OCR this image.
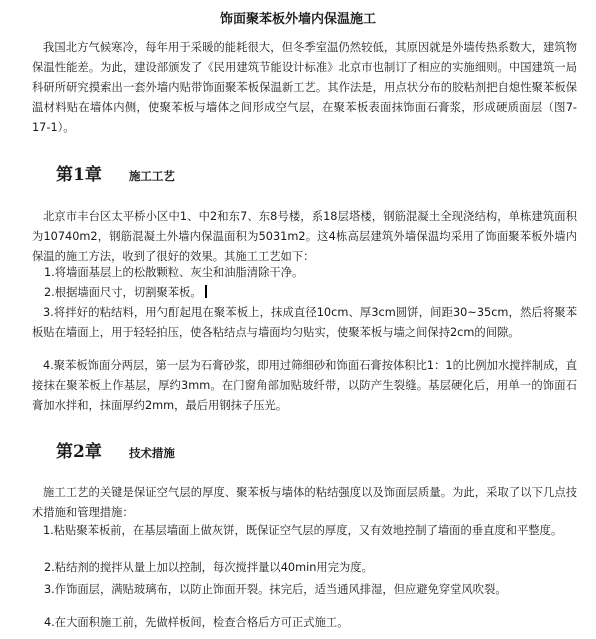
饰面聚苯板外墙内保温施工

我国北方气候寒冷，每年用于采暖的能耗很大，但冬季室温仍然较低，其原因就是外墙传热系数大，建筑物保温性能差。为此，建设部颁发了《民用建筑节能设计标准》北京市也制订了相应的实施细则。中国建筑一局科研所研究摸索出一套外墙内贴带饰面聚苯板保温新工艺。其作法是，用点状分布的胶粘剂把自熄性聚苯板保温材料贴在墙体内侧，使聚苯板与墙体之间形成空气层，在聚苯板表面抹饰面石膏浆，形成硬质面层（图7-17-1）。

第1章 施工工艺

北京市丰台区太平桥小区中1、中2和东7、东8号楼，系18层塔楼，钢筋混凝土全现浇结构，单栋建筑面积为10740m2，钢筋混凝土外墙内保温面积为5031m2。这4栋高层建筑外墙保温均采用了饰面聚苯板外墙内保温的施工方法，收到了很好的效果。其施工工艺如下：

1.将墙面基层上的松散颗粒、灰尘和油脂清除干净。
2.根据墙面尺寸，切割聚苯板。
3.将拌好的粘结料，用勺酊起甩在聚苯板上，抹成直径10cm、厚3cm圆饼，间距30~35cm，然后将聚苯板贴在墙面上，用于轻轻拍压，使各粘结点与墙面均匀贴实，使聚苯板与墙之间保持2cm的间隙。
4.聚苯板饰面分两层，第一层为石膏砂浆，即用过筛细砂和饰面石膏按体积比1：1的比例加水搅拌制成，直接抹在聚苯板上作基层，厚约3mm。在门窗角部加贴玻纤带，以防产生裂缝。基层硬化后，用单一的饰面石膏加水拌和，抹面厚约2mm，最后用钢抹子压光。
第2章 技术措施

施工工艺的关键是保证空气层的厚度、聚苯板与墙体的粘结强度以及饰面层质量。为此，采取了以下几点技术措施和管理措施：

1.粘贴聚苯板前，在基层墙面上做灰饼，既保证空气层的厚度，又有效地控制了墙面的垂直度和平整度。
2.粘结剂的搅拌从量上加以控制，每次搅拌量以40min用完为度。
3.作饰面层，满贴玻璃布，以防止饰面开裂。抹完后，适当通风排湿，但应避免穿堂风吹裂。
4.在大面积施工前，先做样板间，检查合格后方可正式施工。
